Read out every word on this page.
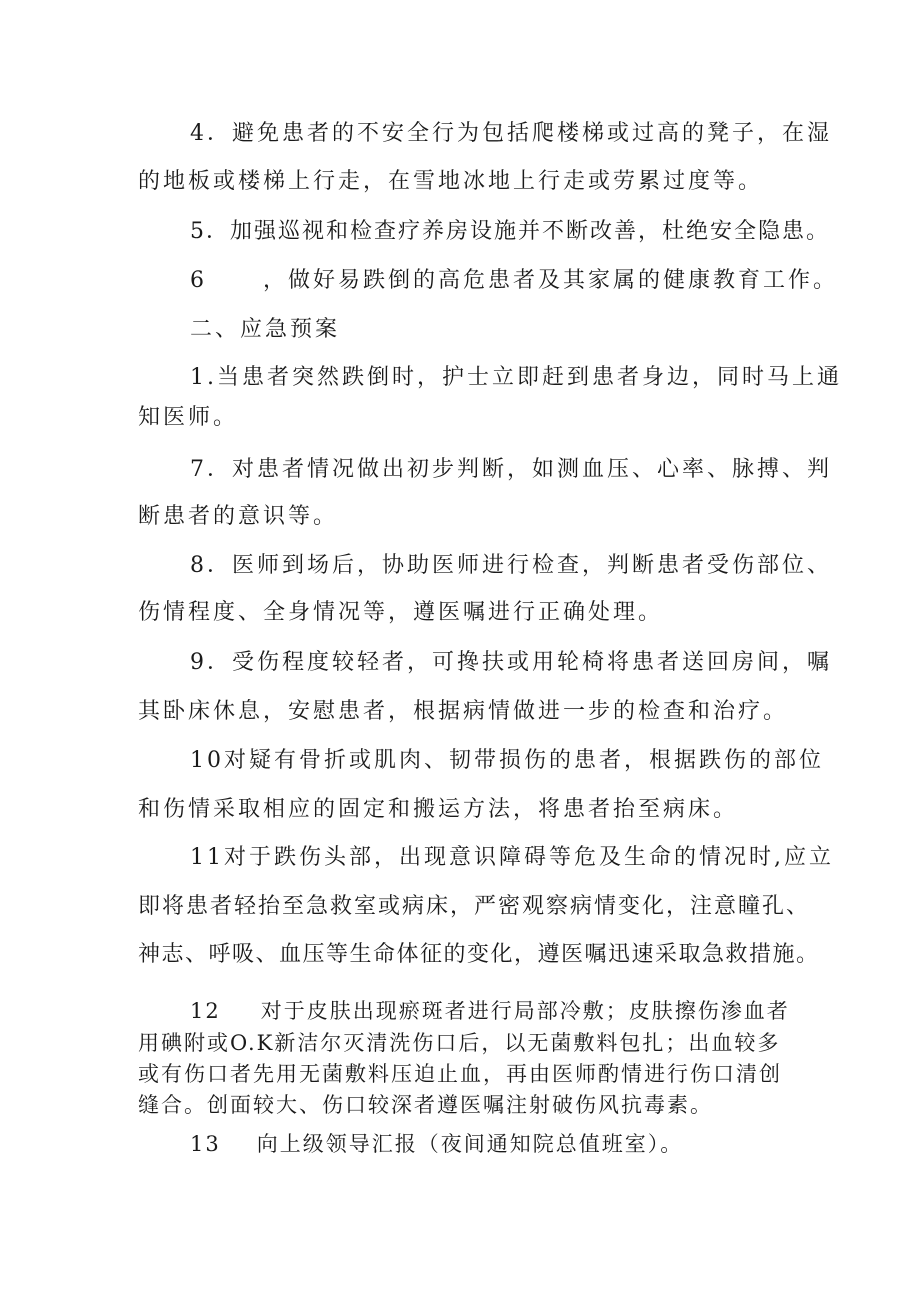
4．避免患者的不安全行为包括爬楼梯或过高的凳子，在湿
的地板或楼梯上行走，在雪地冰地上行走或劳累过度等。
5．加强巡视和检查疗养房设施并不断改善，杜绝安全隐患。
6	，做好易跌倒的高危患者及其家属的健康教育工作。
二、应急预案
1.当患者突然跌倒时，护士立即赶到患者身边，同时马上通
知医师。
7．对患者情况做出初步判断，如测血压、心率、脉搏、判
断患者的意识等。
8．医师到场后，协助医师进行检查，判断患者受伤部位、
伤情程度、全身情况等，遵医嘱进行正确处理。
9．受伤程度较轻者，可搀扶或用轮椅将患者送回房间，嘱
其卧床休息，安慰患者，根据病情做进一步的检查和治疗。
10对疑有骨折或肌肉、韧带损伤的患者，根据跌伤的部位
和伤情采取相应的固定和搬运方法，将患者抬至病床。
11对于跌伤头部，出现意识障碍等危及生命的情况时,应立
即将患者轻抬至急救室或病床，严密观察病情变化，注意瞳孔、
神志、呼吸、血压等生命体征的变化，遵医嘱迅速采取急救措施。
12 对于皮肤出现瘀斑者进行局部冷敷；皮肤擦伤渗血者
用碘附或O.K新洁尔灭清洗伤口后，以无菌敷料包扎；出血较多
或有伤口者先用无菌敷料压迫止血，再由医师酌情进行伤口清创
缝合。创面较大、伤口较深者遵医嘱注射破伤风抗毒素。
13 向上级领导汇报（夜间通知院总值班室）。
